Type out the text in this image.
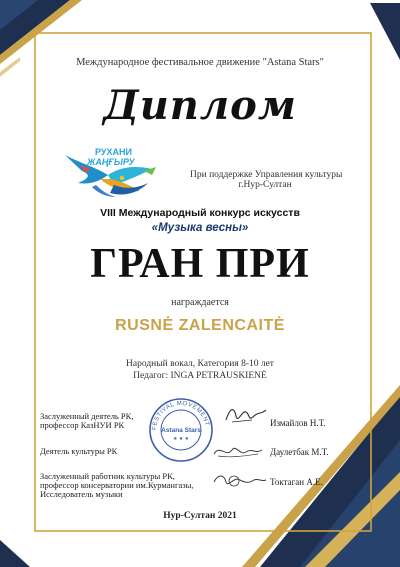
Международное фестивальное движение "Astana Stars"
Диплом
РУХАНИ
ЖАҢҒЫРУ
При поддержке Управления культуры
г.Нур-Султан
VIII Международный конкурс искусств
«Музыка весны»
ГРАН ПРИ
награждается
RUSNĖ ZALENCAITĖ
Народный вокал, Категория 8-10 лет
Педагог: INGA PETRAUSKIENĖ
Заслуженный деятель РК,
профессор КазНУИ РК	Измайлов Н.Т.
Деятель культуры РК	Даулетбак М.Т.
Заслуженный работник культуры РК,
профессор консерватории им.Курмангазы,
Исследователь музыки
Токтаган А.Е.
FESTIVAL MOVEMENT
Astana Stars
★ ★ ★
Нур-Султан 2021
